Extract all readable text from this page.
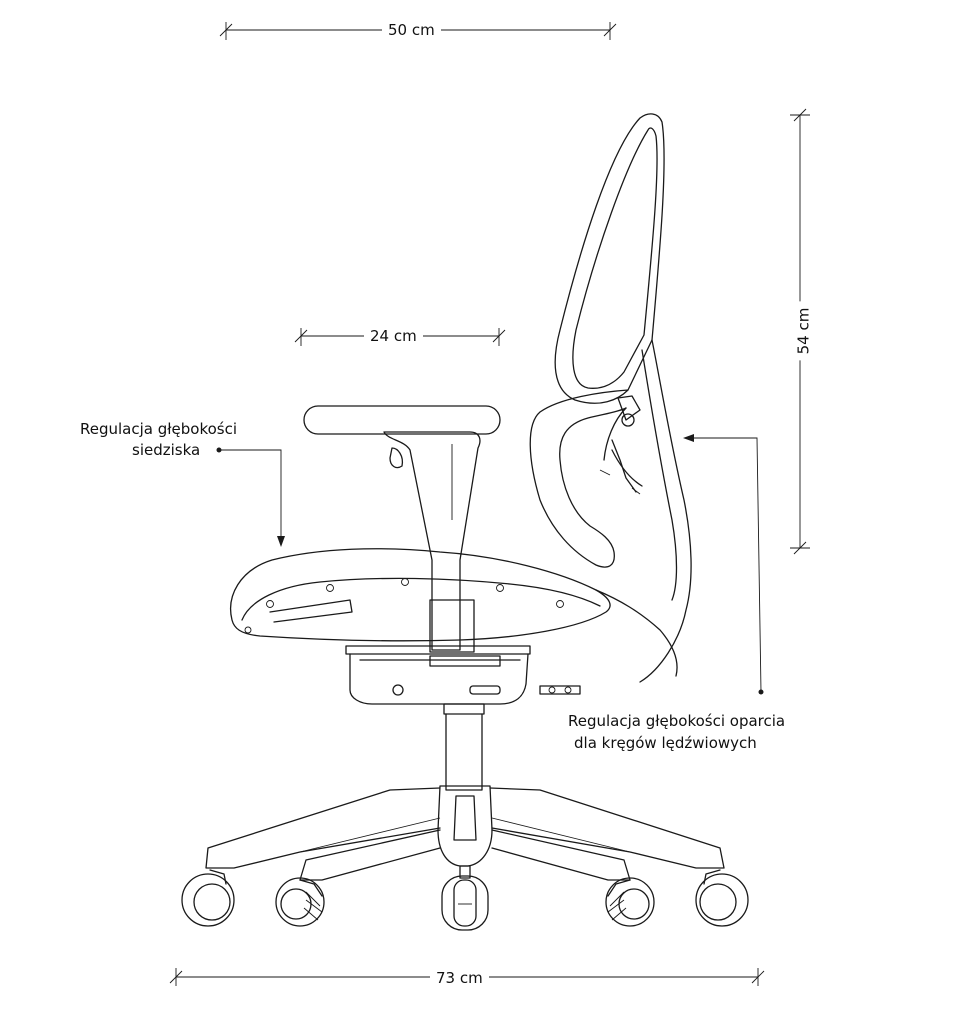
50 cm
24 cm	54 cm
73 cm
Regulacja głębokości
siedziska
Regulacja głębokości oparcia
dla kręgów lędźwiowych
